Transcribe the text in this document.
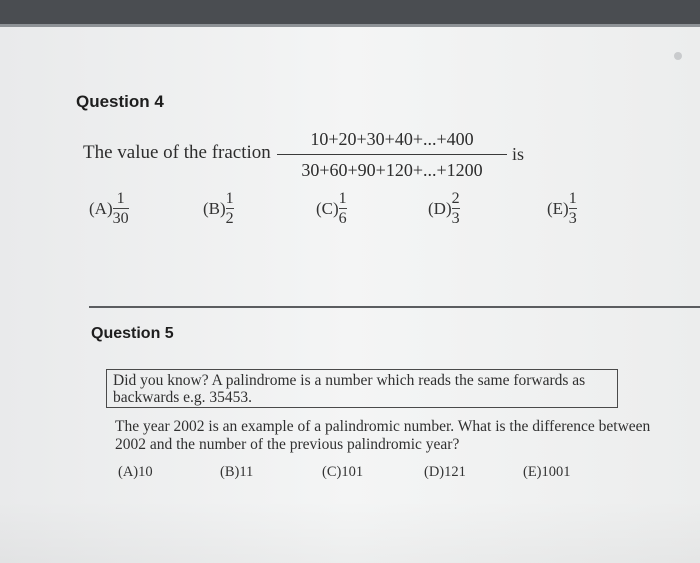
Question 4
The value of the fraction
10+20+30+40+...+400
30+60+90+120+...+1200
is
$(A) \frac{1}{30}$	$(B) \frac{1}{2}$	$(C) \frac{1}{6}$	$(D) \frac{2}{3}$	$(E) \frac{1}{3}$
Question 5
Did you know? A palindrome is a number which reads the same forwards as backwards e.g. 35453.
The year 2002 is an example of a palindromic number. What is the difference between 2002 and the number of the previous palindromic year?
(A)10	(B)11	(C)101	(D)121	(E)1001
